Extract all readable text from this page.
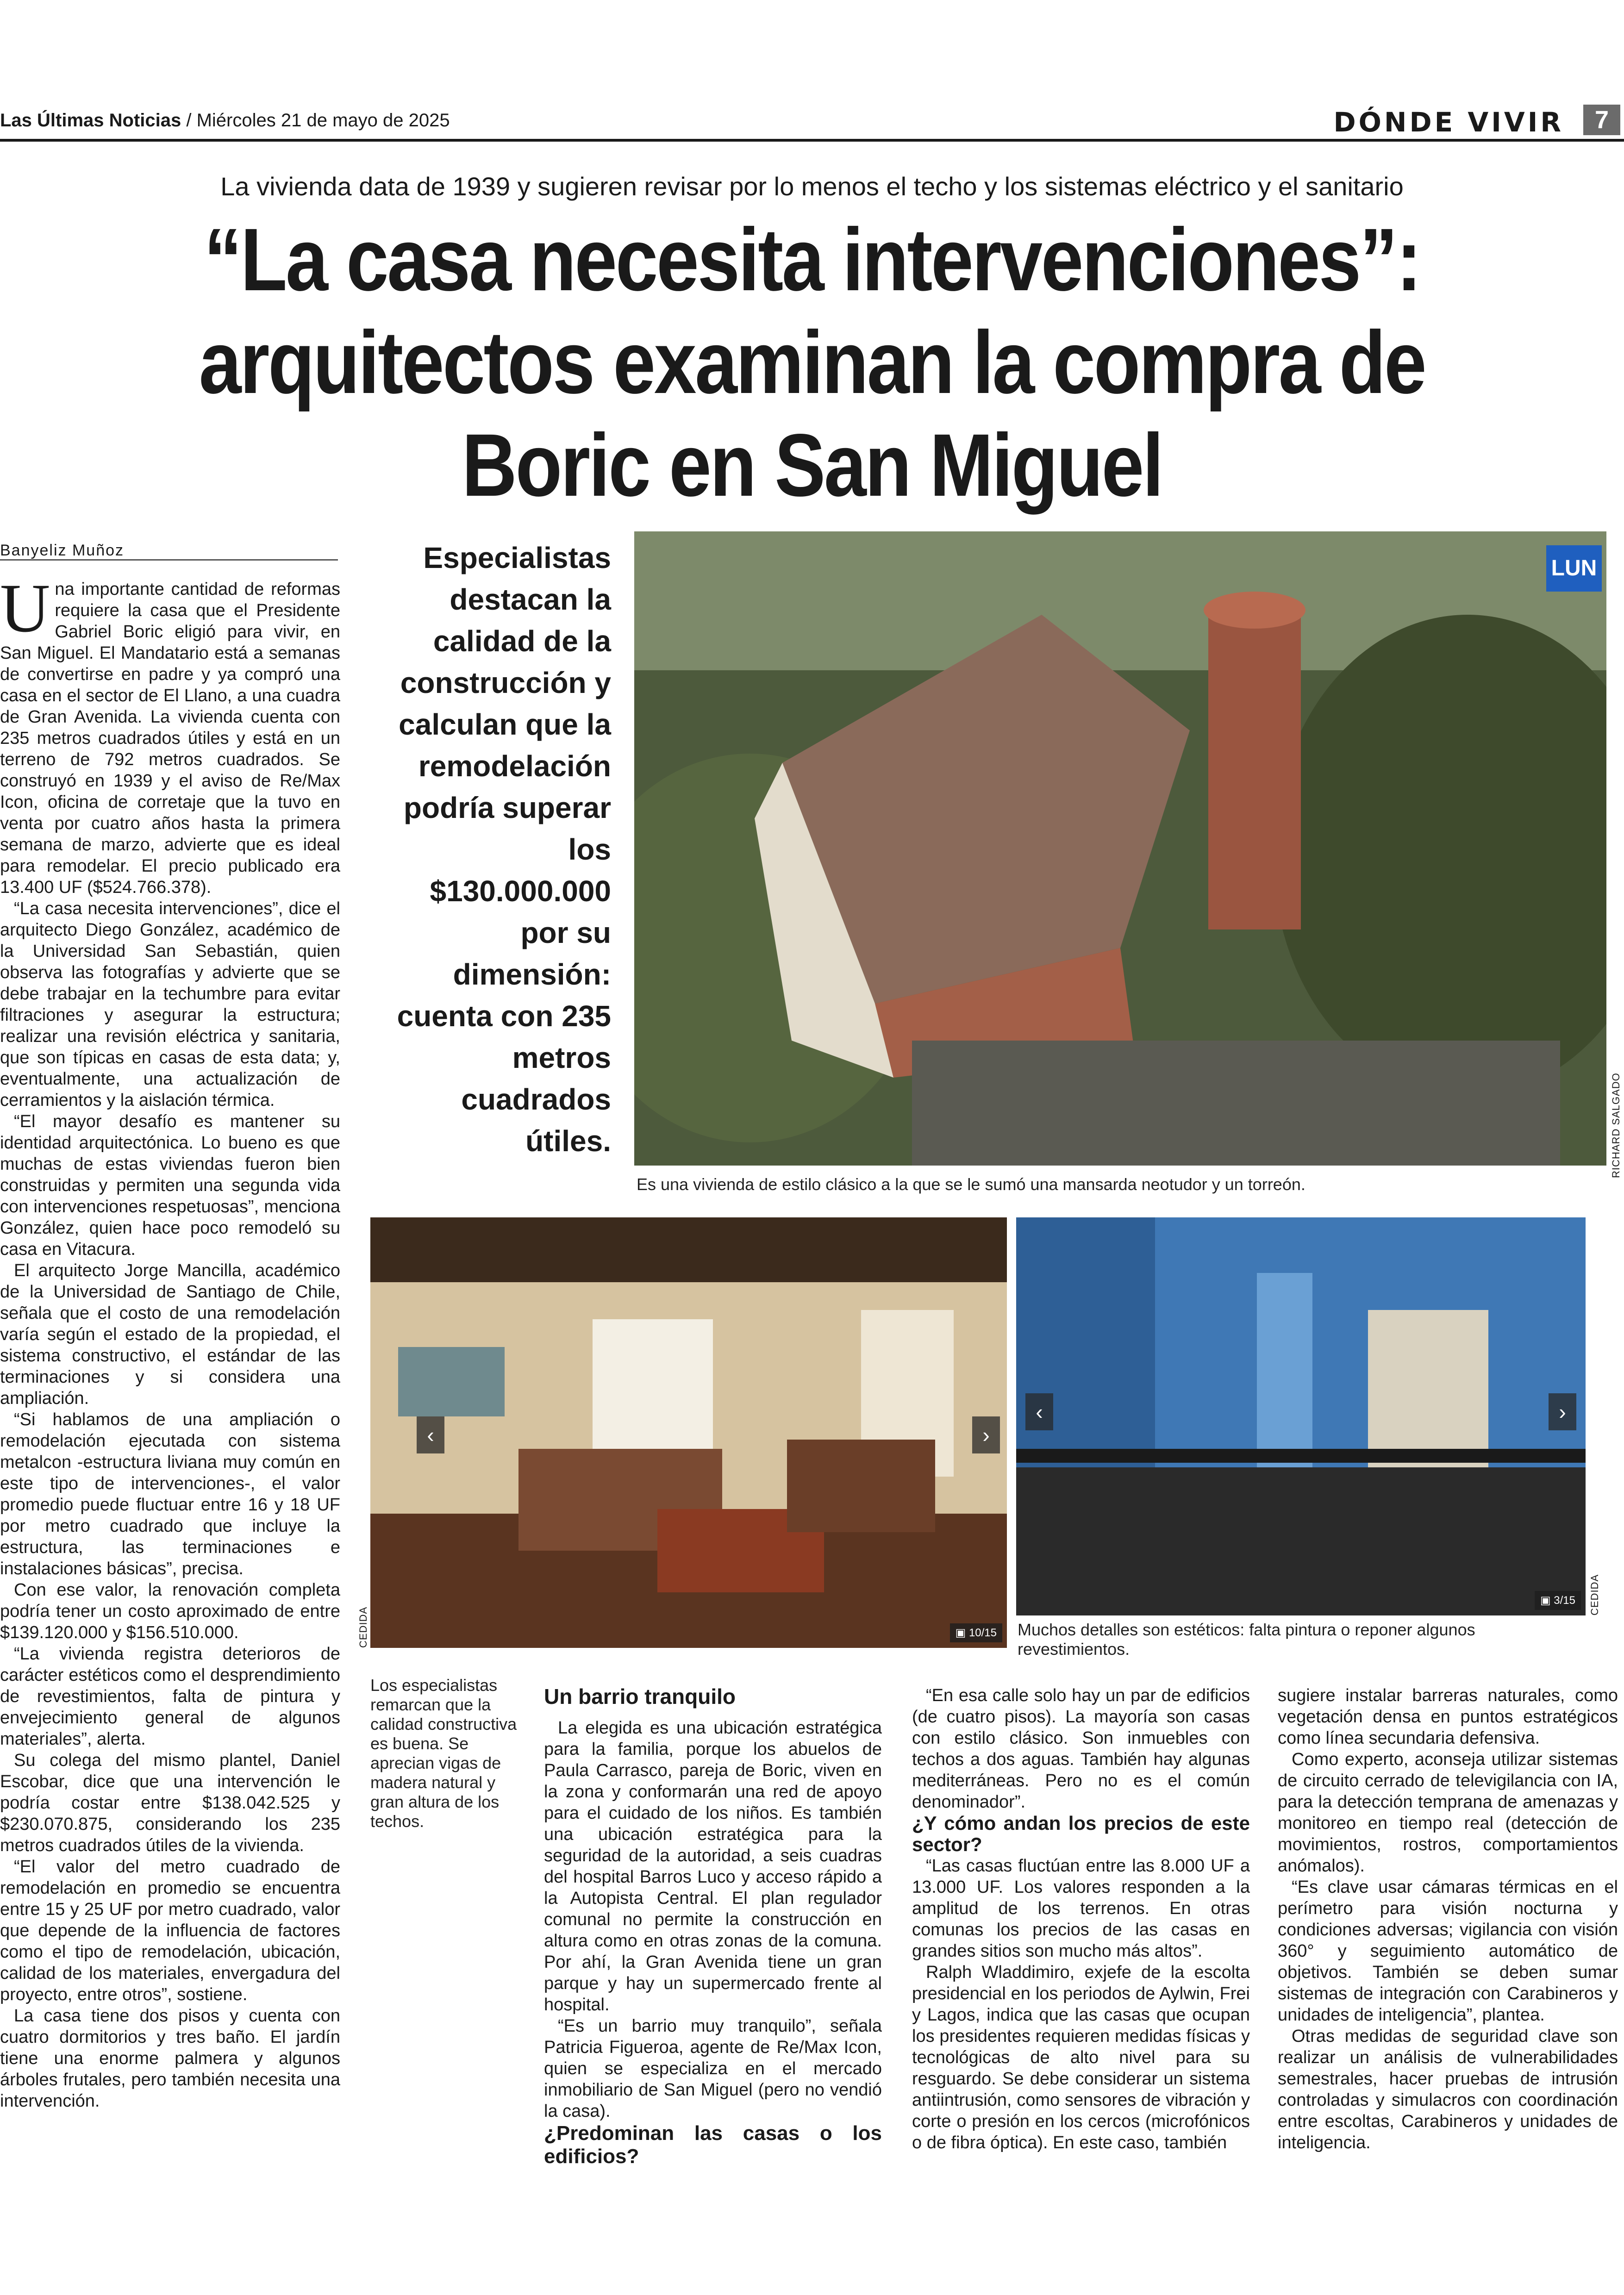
Las Últimas Noticias / Miércoles 21 de mayo de 2025	DÓNDE VIVIR	7
La vivienda data de 1939 y sugieren revisar por lo menos el techo y los sistemas eléctrico y el sanitario
“La casa necesita intervenciones”:
arquitectos examinan la compra de
Boric en San Miguel
Banyeliz Muñoz

Una importante cantidad de reformas requiere la casa que el Presidente Gabriel Boric eligió para vivir, en San Miguel. El Mandatario está a semanas de convertirse en padre y ya compró una casa en el sector de El Llano, a una cuadra de Gran Avenida. La vivienda cuenta con 235 metros cuadrados útiles y está en un terreno de 792 metros cuadrados. Se construyó en 1939 y el aviso de Re/Max Icon, oficina de corretaje que la tuvo en venta por cuatro años hasta la primera semana de marzo, advierte que es ideal para remodelar. El precio publicado era 13.400 UF ($524.766.378).

“La casa necesita intervenciones”, dice el arquitecto Diego González, académico de la Universidad San Sebastián, quien observa las fotografías y advierte que se debe trabajar en la techumbre para evitar filtraciones y asegurar la estructura; realizar una revisión eléctrica y sanitaria, que son típicas en casas de esta data; y, eventualmente, una actualización de cerramientos y la aislación térmica.

“El mayor desafío es mantener su identidad arquitectónica. Lo bueno es que muchas de estas viviendas fueron bien construidas y permiten una segunda vida con intervenciones respetuosas”, menciona González, quien hace poco remodeló su casa en Vitacura.

El arquitecto Jorge Mancilla, académico de la Universidad de Santiago de Chile, señala que el costo de una remodelación varía según el estado de la propiedad, el sistema constructivo, el estándar de las terminaciones y si considera una ampliación.

“Si hablamos de una ampliación o remodelación ejecutada con sistema metalcon -estructura liviana muy común en este tipo de intervenciones-, el valor promedio puede fluctuar entre 16 y 18 UF por metro cuadrado que incluye la estructura, las terminaciones e instalaciones básicas”, precisa.

Con ese valor, la renovación completa podría tener un costo aproximado de entre $139.120.000 y $156.510.000.

“La vivienda registra deterioros de carácter estéticos como el desprendimiento de revestimientos, falta de pintura y envejecimiento general de algunos materiales”, alerta.

Su colega del mismo plantel, Daniel Escobar, dice que una intervención le podría costar entre $138.042.525 y $230.070.875, considerando los 235 metros cuadrados útiles de la vivienda.

“El valor del metro cuadrado de remodelación en promedio se encuentra entre 15 y 25 UF por metro cuadrado, valor que depende de la influencia de factores como el tipo de remodelación, ubicación, calidad de los materiales, envergadura del proyecto, entre otros”, sostiene.

La casa tiene dos pisos y cuenta con cuatro dormitorios y tres baño. El jardín tiene una enorme palmera y algunos árboles frutales, pero también necesita una intervención.

Especialistas destacan la calidad de la construcción y calculan que la remodelación podría superar los $130.000.000 por su dimensión: cuenta con 235 metros cuadrados útiles.
LUN
RICHARD SALGADO
Es una vivienda de estilo clásico a la que se le sumó una mansarda neotudor y un torreón.
‹	›
▣ 10/15
CEDIDA
Los especialistas remarcan que la calidad constructiva es buena. Se aprecian vigas de madera natural y gran altura de los techos.
‹	›
▣ 3/15	CEDIDA
Muchos detalles son estéticos: falta pintura o reponer algunos revestimientos.
Un barrio tranquilo

La elegida es una ubicación estratégica para la familia, porque los abuelos de Paula Carrasco, pareja de Boric, viven en la zona y conformarán una red de apoyo para el cuidado de los niños. Es también una ubicación estratégica para la seguridad de la autoridad, a seis cuadras del hospital Barros Luco y acceso rápido a la Autopista Central. El plan regulador comunal no permite la construcción en altura como en otras zonas de la comuna. Por ahí, la Gran Avenida tiene un gran parque y hay un supermercado frente al hospital.

“Es un barrio muy tranquilo”, señala Patricia Figueroa, agente de Re/Max Icon, quien se especializa en el mercado inmobiliario de San Miguel (pero no vendió la casa).

¿Predominan las casas o los edificios?

“En esa calle solo hay un par de edificios (de cuatro pisos). La mayoría son casas con estilo clásico. Son inmuebles con techos a dos aguas. También hay algunas mediterráneas. Pero no es el común denominador”.

¿Y cómo andan los precios de este sector?

“Las casas fluctúan entre las 8.000 UF a 13.000 UF. Los valores responden a la amplitud de los terrenos. En otras comunas los precios de las casas en grandes sitios son mucho más altos”.

Ralph Wladdimiro, exjefe de la escolta presidencial en los periodos de Aylwin, Frei y Lagos, indica que las casas que ocupan los presidentes requieren medidas físicas y tecnológicas de alto nivel para su resguardo. Se debe considerar un sistema antiintrusión, como sensores de vibración y corte o presión en los cercos (microfónicos o de fibra óptica). En este caso, también

sugiere instalar barreras naturales, como vegetación densa en puntos estratégicos como línea secundaria defensiva.

Como experto, aconseja utilizar sistemas de circuito cerrado de televigilancia con IA, para la detección temprana de amenazas y monitoreo en tiempo real (detección de movimientos, rostros, comportamientos anómalos).

“Es clave usar cámaras térmicas en el perímetro para visión nocturna y condiciones adversas; vigilancia con visión 360° y seguimiento automático de objetivos. También se deben sumar sistemas de integración con Carabineros y unidades de inteligencia”, plantea.

Otras medidas de seguridad clave son realizar un análisis de vulnerabilidades semestrales, hacer pruebas de intrusión controladas y simulacros con coordinación entre escoltas, Carabineros y unidades de inteligencia.
